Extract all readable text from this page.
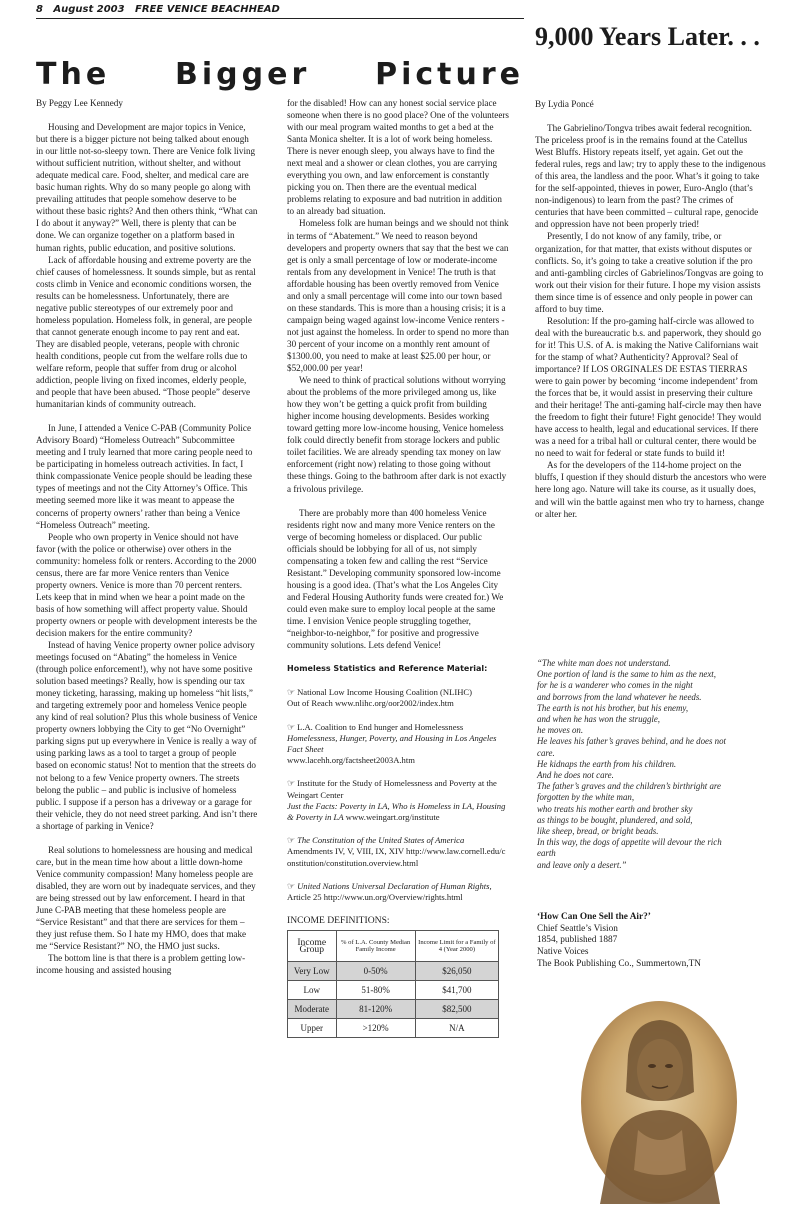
8   August 2003   FREE VENICE BEACHHEAD
The Bigger Picture
9,000 Years Later. . .

By Peggy Lee Kennedy

Housing and Development are major topics in Venice, but there is a bigger picture not being talked about enough in our little not-so-sleepy town. There are Venice folk living without sufficient nutrition, without shelter, and without adequate medical care. Food, shelter, and medical care are basic human rights. Why do so many people go along with prevailing attitudes that people somehow deserve to be without these basic rights? And then others think, “What can I do about it anyway?” Well, there is plenty that can be done. We can organize together on a platform based in human rights, public education, and positive solutions.

Lack of affordable housing and extreme poverty are the chief causes of homelessness. It sounds simple, but as rental costs climb in Venice and economic conditions worsen, the results can be homelessness. Unfortunately, there are negative public stereotypes of our extremely poor and homeless population. Homeless folk, in general, are people that cannot generate enough income to pay rent and eat. They are disabled people, veterans, people with chronic health conditions, people cut from the welfare rolls due to welfare reform, people that suffer from drug or alcohol addiction, people living on fixed incomes, elderly people, and people that have been abused. “Those people” deserve humanitarian kinds of community outreach.

In June, I attended a Venice C-PAB (Community Police Advisory Board) “Homeless Outreach” Subcommittee meeting and I truly learned that more caring people need to be participating in homeless outreach activities. In fact, I think compassionate Venice people should be leading these types of meetings and not the City Attorney’s Office. This meeting seemed more like it was meant to appease the concerns of property owners’ rather than being a Venice “Homeless Outreach” meeting.

People who own property in Venice should not have favor (with the police or otherwise) over others in the community: homeless folk or renters. According to the 2000 census, there are far more Venice renters than Venice property owners. Venice is more than 70 percent renters. Lets keep that in mind when we hear a point made on the basis of how something will affect property value. Should property owners or people with development interests be the decision makers for the entire community?

Instead of having Venice property owner police advisory meetings focused on “Abating” the homeless in Venice (through police enforcement!), why not have some positive solution based meetings? Really, how is spending our tax money ticketing, harassing, making up homeless “hit lists,” and targeting extremely poor and homeless Venice people any kind of real solution? Plus this whole business of Venice property owners lobbying the City to get “No Overnight” parking signs put up everywhere in Venice is really a way of using parking laws as a tool to target a group of people based on economic status! Not to mention that the streets do not belong to a few Venice property owners. The streets belong the public – and public is inclusive of homeless public. I suppose if a person has a driveway or a garage for their vehicle, they do not need street parking. And isn’t there a shortage of parking in Venice?

Real solutions to homelessness are housing and medical care, but in the mean time how about a little down-home Venice community compassion! Many homeless people are disabled, they are worn out by inadequate services, and they are being stressed out by law enforcement. I heard in that June C-PAB meeting that these homeless people are “Service Resistant” and that there are services for them – they just refuse them. So I hate my HMO, does that make me “Service Resistant?” NO, the HMO just sucks.

The bottom line is that there is a problem getting low-income housing and assisted housing

for the disabled! How can any honest social service place someone when there is no good place? One of the volunteers with our meal program waited months to get a bed at the Santa Monica shelter. It is a lot of work being homeless. There is never enough sleep, you always have to find the next meal and a shower or clean clothes, you are carrying everything you own, and law enforcement is constantly picking you on. Then there are the eventual medical problems relating to exposure and bad nutrition in addition to an already bad situation.

Homeless folk are human beings and we should not think in terms of “Abatement.” We need to reason beyond developers and property owners that say that the best we can get is only a small percentage of low or moderate-income rentals from any development in Venice! The truth is that affordable housing has been overtly removed from Venice and only a small percentage will come into our town based on these standards. This is more than a housing crisis; it is a campaign being waged against low-income Venice renters - not just against the homeless. In order to spend no more than 30 percent of your income on a monthly rent amount of $1300.00, you need to make at least $25.00 per hour, or $52,000.00 per year!

We need to think of practical solutions without worrying about the problems of the more privileged among us, like how they won’t be getting a quick profit from building higher income housing developments. Besides working toward getting more low-income housing, Venice homeless folk could directly benefit from storage lockers and public toilet facilities. We are already spending tax money on law enforcement (right now) relating to those going without these things. Going to the bathroom after dark is not exactly a frivolous privilege.

There are probably more than 400 homeless Venice residents right now and many more Venice renters on the verge of becoming homeless or displaced. Our public officials should be lobbying for all of us, not simply compensating a token few and calling the rest “Service Resistant.” Developing community sponsored low-income housing is a good idea. (That’s what the Los Angeles City and Federal Housing Authority funds were created for.) We could even make sure to employ local people at the same time. I envision Venice people struggling together, “neighbor-to-neighbor,” for positive and progressive community solutions. Lets defend Venice!

Homeless Statistics and Reference Material:

☞ National Low Income Housing Coalition (NLIHC)
Out of Reach www.nlihc.org/oor2002/index.htm

☞ L.A. Coalition to End hunger and Homelessness
Homelessness, Hunger, Poverty, and Housing in Los Angeles Fact Sheet
www.lacehh.org/factsheet2003A.htm

☞ Institute for the Study of Homelessness and Poverty at the Weingart Center
Just the Facts: Poverty in LA, Who is Homeless in LA, Housing & Poverty in LA www.weingart.org/institute

☞ The Constitution of the United States of America
Amendments IV, V, VIII, IX, XIV http://www.law.cornell.edu/constitution/constitution.overview.html

☞ United Nations Universal Declaration of Human Rights,
Article 25 http://www.un.org/Overview/rights.html

INCOME DEFINITIONS:

Income Group	% of L.A. County Median Family Income	Income Limit for a Family of 4 (Year 2000)
Very Low	0-50%	$26,050
Low	51-80%	$41,700
Moderate	81-120%	$82,500
Upper	>120%	N/A

By Lydia Poncé

The Gabrielino/Tongva tribes await federal recognition. The priceless proof is in the remains found at the Catellus West Bluffs. History repeats itself, yet again. Get out the federal rules, regs and law; try to apply these to the indigenous of this area, the landless and the poor. What’s it going to take for the self-appointed, thieves in power, Euro-Anglo (that’s non-indigenous) to learn from the past? The crimes of centuries that have been committed – cultural rape, genocide and oppression have not been properly tried!

Presently, I do not know of any family, tribe, or organization, for that matter, that exists without disputes or conflicts. So, it’s going to take a creative solution if the pro and anti-gambling circles of Gabrielinos/Tongvas are going to work out their vision for their future. I hope my vision assists them since time is of essence and only people in power can afford to buy time.

Resolution: If the pro-gaming half-circle was allowed to deal with the bureaucratic b.s. and paperwork, they should go for it! This U.S. of A. is making the Native Californians wait for the stamp of what? Authenticity? Approval? Seal of importance? If LOS ORGINALES DE ESTAS TIERRAS were to gain power by becoming ‘income independent’ from the forces that be, it would assist in preserving their culture and their heritage! The anti-gaming half-circle may then have the freedom to fight their future! Fight genocide! They would have access to health, legal and educational services. If there was a need for a tribal hall or cultural center, there would be no need to wait for federal or state funds to build it!

As for the developers of the 114-home project on the bluffs, I question if they should disturb the ancestors who were here long ago. Nature will take its course, as it usually does, and will win the battle against men who try to harness, change or alter her.

“The white man does not understand.
One portion of land is the same to him as the next,
for he is a wanderer who comes in the night
and borrows from the land whatever he needs.
The earth is not his brother, but his enemy,
and when he has won the struggle,
he moves on.
He leaves his father’s graves behind, and he does not
care.
He kidnaps the earth from his children.
And he does not care.
The father’s graves and the children’s birthright are
forgotten by the white man,
who treats his mother earth and brother sky
as things to be bought, plundered, and sold,
like sheep, bread, or bright beads.
In this way, the dogs of appetite will devour the rich
earth
and leave only a desert.”
‘How Can One Sell the Air?’
Chief Seattle’s Vision
1854, published 1887
Native Voices
The Book Publishing Co., Summertown,TN
